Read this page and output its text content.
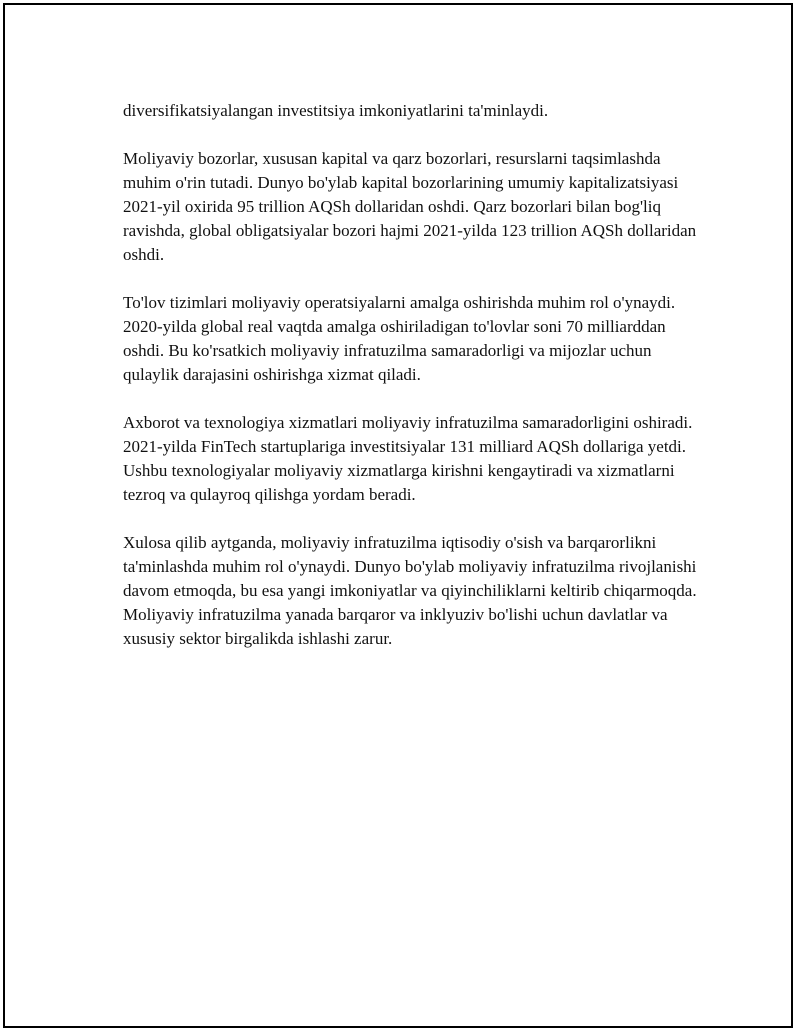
diversifikatsiyalangan investitsiya imkoniyatlarini ta'minlaydi.

Moliyaviy bozorlar, xususan kapital va qarz bozorlari, resurslarni taqsimlashda muhim o'rin tutadi. Dunyo bo'ylab kapital bozorlarining umumiy kapitalizatsiyasi 2021-yil oxirida 95 trillion AQSh dollaridan oshdi. Qarz bozorlari bilan bog'liq ravishda, global obligatsiyalar bozori hajmi 2021-yilda 123 trillion AQSh dollaridan oshdi.

To'lov tizimlari moliyaviy operatsiyalarni amalga oshirishda muhim rol o'ynaydi. 2020-yilda global real vaqtda amalga oshiriladigan to'lovlar soni 70 milliarddan oshdi. Bu ko'rsatkich moliyaviy infratuzilma samaradorligi va mijozlar uchun qulaylik darajasini oshirishga xizmat qiladi.

Axborot va texnologiya xizmatlari moliyaviy infratuzilma samaradorligini oshiradi. 2021-yilda FinTech startuplariga investitsiyalar 131 milliard AQSh dollariga yetdi. Ushbu texnologiyalar moliyaviy xizmatlarga kirishni kengaytiradi va xizmatlarni tezroq va qulayroq qilishga yordam beradi.

Xulosa qilib aytganda, moliyaviy infratuzilma iqtisodiy o'sish va barqarorlikni ta'minlashda muhim rol o'ynaydi. Dunyo bo'ylab moliyaviy infratuzilma rivojlanishi davom etmoqda, bu esa yangi imkoniyatlar va qiyinchiliklarni keltirib chiqarmoqda. Moliyaviy infratuzilma yanada barqaror va inklyuziv bo'lishi uchun davlatlar va xususiy sektor birgalikda ishlashi zarur.
